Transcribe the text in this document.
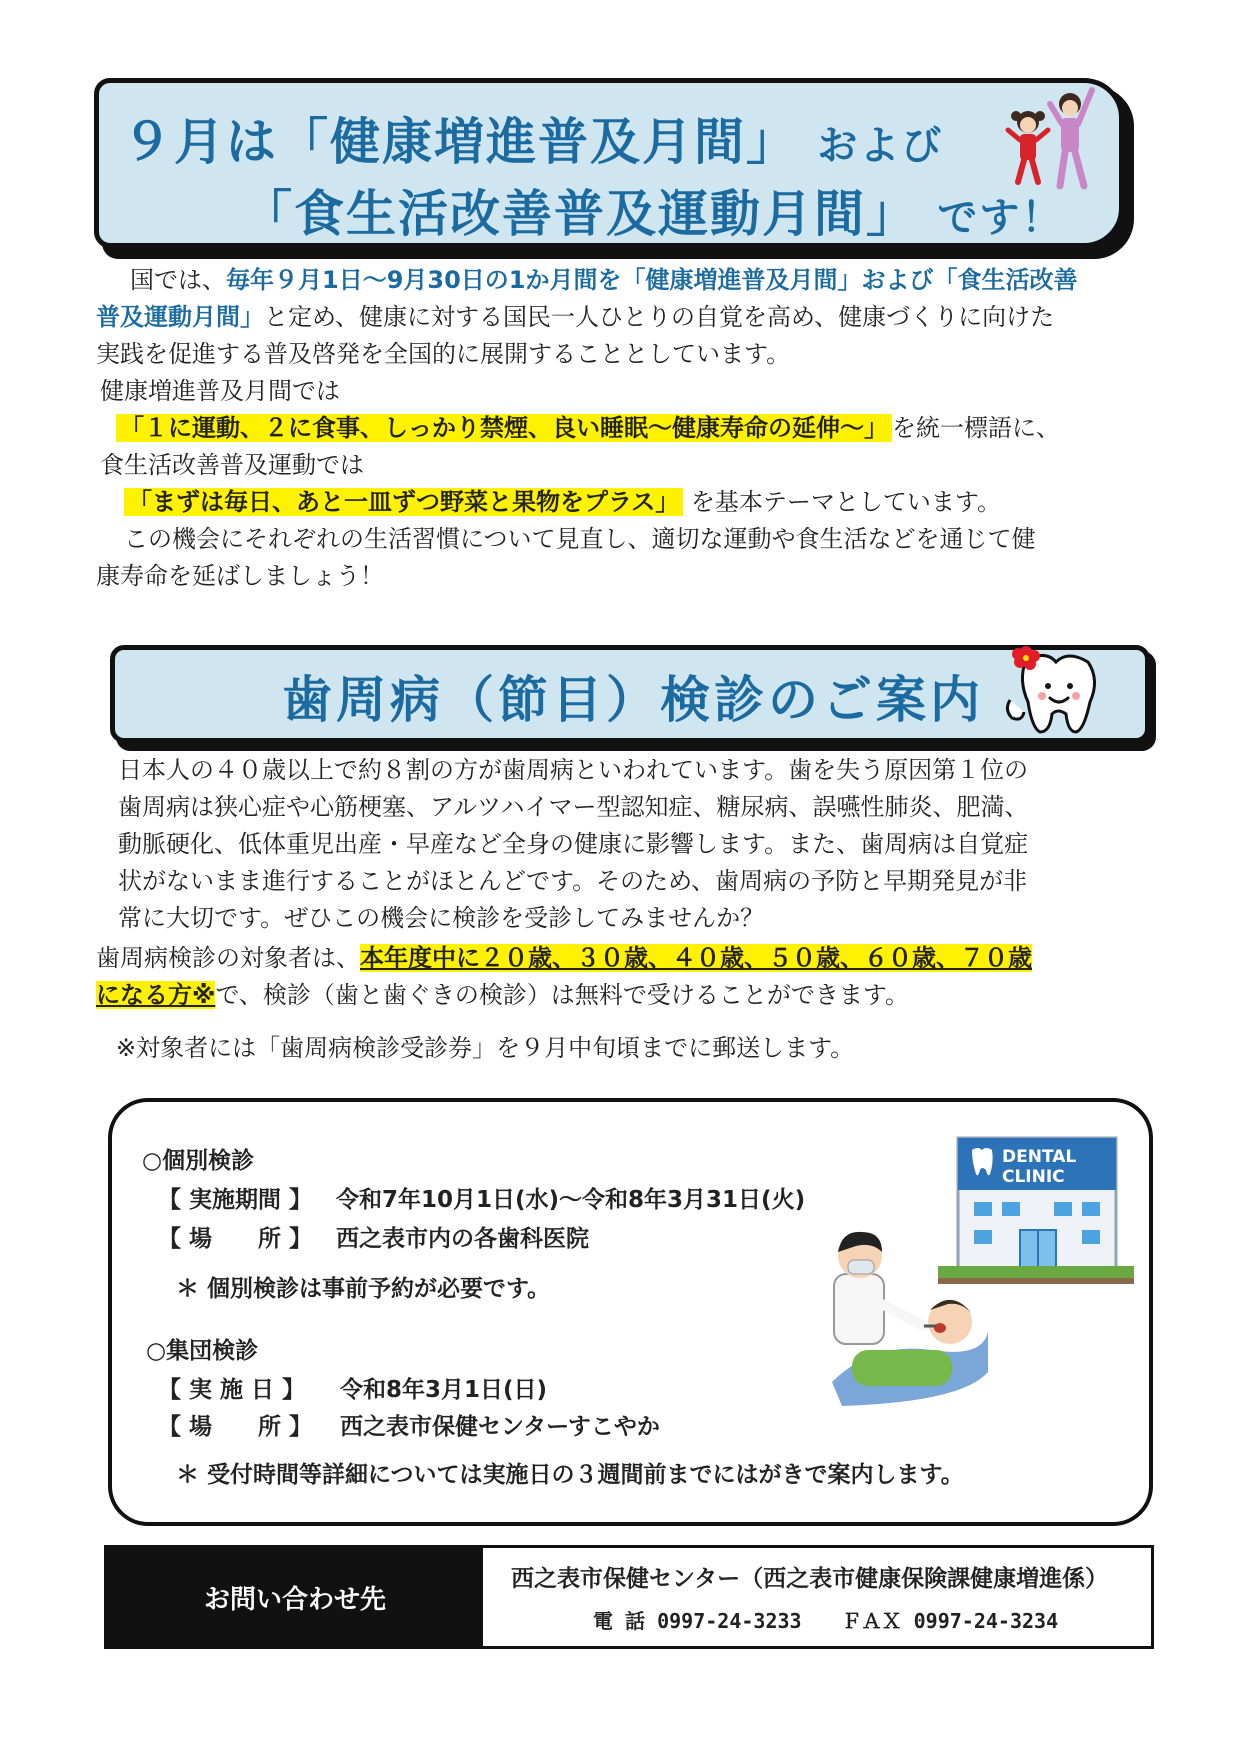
９月は「健康増進普及月間」 および
「食生活改善普及運動月間」 です！
国では、毎年９月1日～9月30日の1か月間を「健康増進普及月間」および「食生活改善
普及運動月間」と定め、健康に対する国民一人ひとりの自覚を高め、健康づくりに向けた
実践を促進する普及啓発を全国的に展開することとしています。
健康増進普及月間では
「１に運動、２に食事、しっかり禁煙、良い睡眠～健康寿命の延伸～」 を統一標語に、
食生活改善普及運動では
「まずは毎日、あと一皿ずつ野菜と果物をプラス」 を基本テーマとしています。
この機会にそれぞれの生活習慣について見直し、適切な運動や食生活などを通じて健
康寿命を延ばしましょう！
歯周病（節目）検診のご案内
日本人の４０歳以上で約８割の方が歯周病といわれています。歯を失う原因第１位の
歯周病は狭心症や心筋梗塞、アルツハイマー型認知症、糖尿病、誤嚥性肺炎、肥満、
動脈硬化、低体重児出産・早産など全身の健康に影響します。また、歯周病は自覚症
状がないまま進行することがほとんどです。そのため、歯周病の予防と早期発見が非
常に大切です。ぜひこの機会に検診を受診してみませんか？
歯周病検診の対象者は、本年度中に２０歳、３０歳、４０歳、５０歳、６０歳、７０歳
になる方※で、検診（歯と歯ぐきの検診）は無料で受けることができます。
※対象者には「歯周病検診受診券」を９月中旬頃までに郵送します。
○個別検診
【 実施期間 】 令和7年10月1日(水)～令和8年3月31日(火)
【 場　　所 】 西之表市内の各歯科医院
＊ 個別検診は事前予約が必要です。
○集団検診
【 実 施 日 】 令和8年3月1日(日)
【 場　　所 】 西之表市保健センターすこやか
＊ 受付時間等詳細については実施日の３週間前までにはがきで案内します。
DENTAL
CLINIC
お問い合わせ先
西之表市保健センター（西之表市健康保険課健康増進係）
電 話 0997-24-3233　　ＦＡＸ 0997-24-3234
